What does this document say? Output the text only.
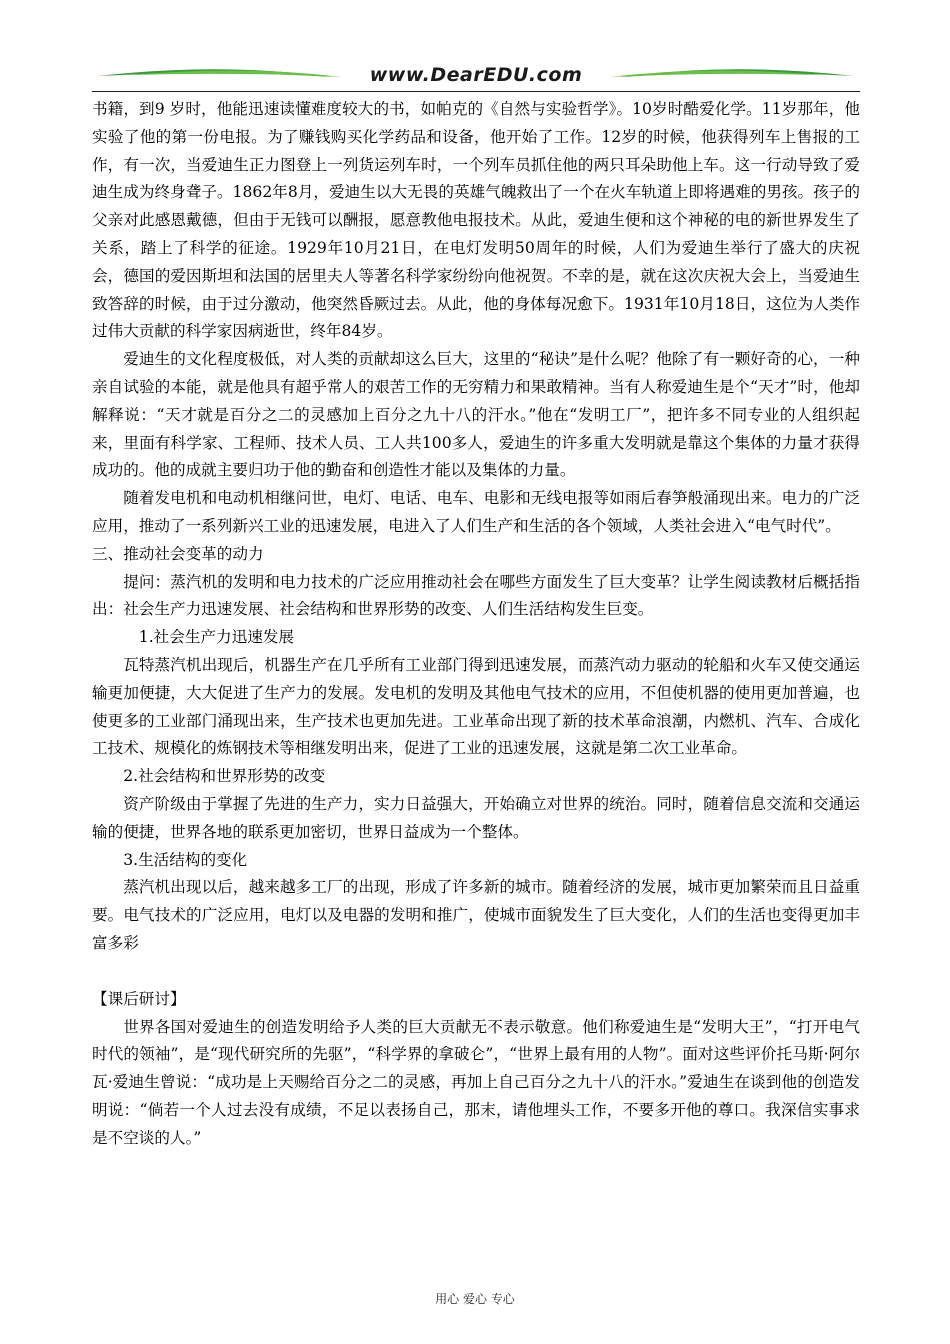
www.DearEDU.com

书籍，到9 岁时，他能迅速读懂难度较大的书，如帕克的《自然与实验哲学》。10岁时酷爱化学。11岁那年，他实验了他的第一份电报。为了赚钱购买化学药品和设备，他开始了工作。12岁的时候，他获得列车上售报的工作，有一次，当爱迪生正力图登上一列货运列车时，一个列车员抓住他的两只耳朵助他上车。这一行动导致了爱迪生成为终身聋子。1862年8月，爱迪生以大无畏的英雄气魄救出了一个在火车轨道上即将遇难的男孩。孩子的父亲对此感恩戴德，但由于无钱可以酬报，愿意教他电报技术。从此，爱迪生便和这个神秘的电的新世界发生了关系，踏上了科学的征途。1929年10月21日，在电灯发明50周年的时候，人们为爱迪生举行了盛大的庆祝会，德国的爱因斯坦和法国的居里夫人等著名科学家纷纷向他祝贺。不幸的是，就在这次庆祝大会上，当爱迪生致答辞的时候，由于过分激动，他突然昏厥过去。从此，他的身体每况愈下。1931年10月18日，这位为人类作过伟大贡献的科学家因病逝世，终年84岁。

爱迪生的文化程度极低，对人类的贡献却这么巨大，这里的“秘诀”是什么呢？他除了有一颗好奇的心，一种亲自试验的本能，就是他具有超乎常人的艰苦工作的无穷精力和果敢精神。当有人称爱迪生是个“天才”时，他却解释说：“天才就是百分之二的灵感加上百分之九十八的汗水。”他在“发明工厂”，把许多不同专业的人组织起来，里面有科学家、工程师、技术人员、工人共100多人，爱迪生的许多重大发明就是靠这个集体的力量才获得成功的。他的成就主要归功于他的勤奋和创造性才能以及集体的力量。

随着发电机和电动机相继问世，电灯、电话、电车、电影和无线电报等如雨后春笋般涌现出来。电力的广泛应用，推动了一系列新兴工业的迅速发展，电进入了人们生产和生活的各个领域，人类社会进入“电气时代”。

三、推动社会变革的动力

提问：蒸汽机的发明和电力技术的广泛应用推动社会在哪些方面发生了巨大变革？让学生阅读教材后概括指出：社会生产力迅速发展、社会结构和世界形势的改变、人们生活结构发生巨变。

1.社会生产力迅速发展

瓦特蒸汽机出现后，机器生产在几乎所有工业部门得到迅速发展，而蒸汽动力驱动的轮船和火车又使交通运输更加便捷，大大促进了生产力的发展。发电机的发明及其他电气技术的应用，不但使机器的使用更加普遍，也使更多的工业部门涌现出来，生产技术也更加先进。工业革命出现了新的技术革命浪潮，内燃机、汽车、合成化工技术、规模化的炼钢技术等相继发明出来，促进了工业的迅速发展，这就是第二次工业革命。

2.社会结构和世界形势的改变

资产阶级由于掌握了先进的生产力，实力日益强大，开始确立对世界的统治。同时，随着信息交流和交通运输的便捷，世界各地的联系更加密切，世界日益成为一个整体。

3.生活结构的变化

蒸汽机出现以后，越来越多工厂的出现，形成了许多新的城市。随着经济的发展，城市更加繁荣而且日益重要。电气技术的广泛应用，电灯以及电器的发明和推广，使城市面貌发生了巨大变化，人们的生活也变得更加丰富多彩

【课后研讨】

世界各国对爱迪生的创造发明给予人类的巨大贡献无不表示敬意。他们称爱迪生是“发明大王”，“打开电气时代的领袖”，是“现代研究所的先驱”，“科学界的拿破仑”，“世界上最有用的人物”。面对这些评价托马斯·阿尔瓦·爱迪生曾说：“成功是上天赐给百分之二的灵感，再加上自己百分之九十八的汗水。”爱迪生在谈到他的创造发明说：“倘若一个人过去没有成绩，不足以表扬自己，那末，请他埋头工作，不要多开他的尊口。我深信实事求是不空谈的人。”

用心 爱心 专心
